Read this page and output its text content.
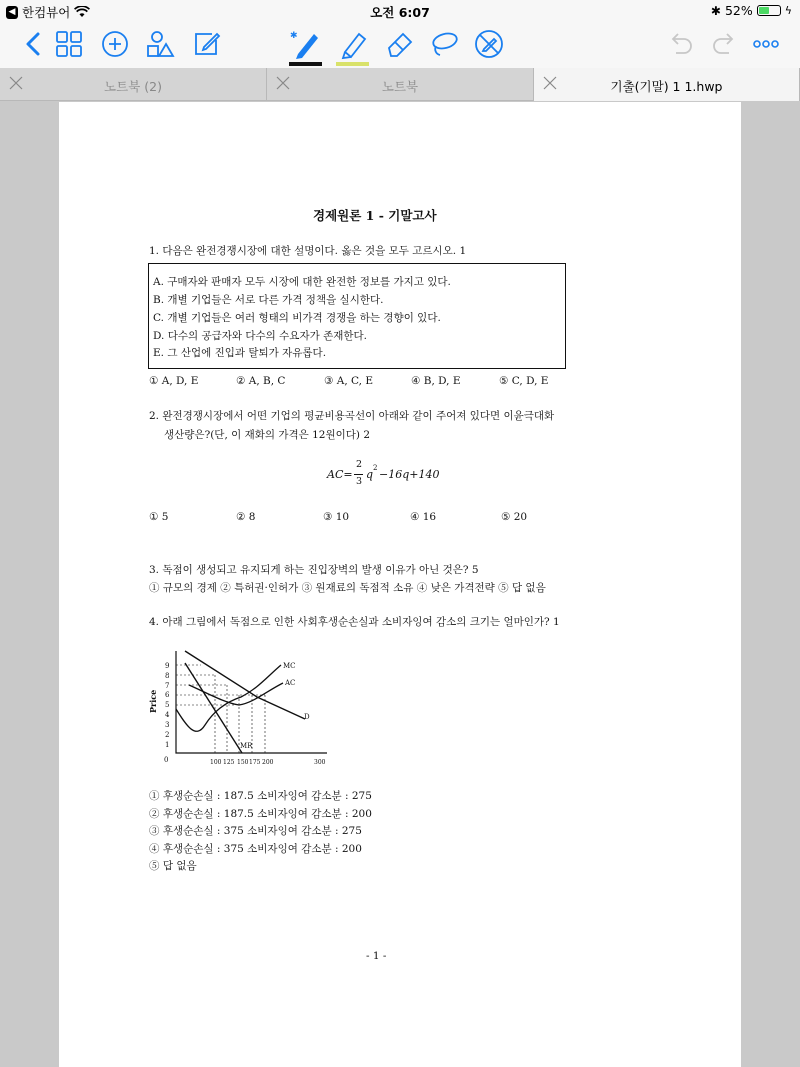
◀ 한컴뷰어	오전 6:07	✱ 52%	ϟ
✱
노트북 (2)	노트북	기출(기말) 1 1.hwp
경제원론 1 - 기말고사
1. 다음은 완전경쟁시장에 대한 설명이다. 옳은 것을 모두 고르시오. 1
A. 구매자와 판매자 모두 시장에 대한 완전한 정보를 가지고 있다.
B. 개별 기업들은 서로 다른 가격 정책을 실시한다.
C. 개별 기업들은 여러 형태의 비가격 경쟁을 하는 경향이 있다.
D. 다수의 공급자와 다수의 수요자가 존재한다.
E. 그 산업에 진입과 탈퇴가 자유롭다.
① A, D, E	② A, B, C	③ A, C, E	④ B, D, E	⑤ C, D, E
2. 완전경쟁시장에서 어떤 기업의 평균비용곡선이 아래와 같이 주어져 있다면 이윤극대화
생산량은?(단, 이 재화의 가격은 12원이다) 2
AC=
2
3
q 2 −16q+140
① 5	② 8	③ 10	④ 16	⑤ 20
3. 독점이 생성되고 유지되게 하는 진입장벽의 발생 이유가 아닌 것은? 5
① 규모의 경제 ② 특허권·인허가 ③ 원재료의 독점적 소유 ④ 낮은 가격전략 ⑤ 답 없음
4. 아래 그림에서 독점으로 인한 사회후생순손실과 소비자잉여 감소의 크기는 얼마인가? 1
Price
9
8
7
6
5
4
3
2
1
0	100 125 150 175 200	300
MC
AC
D
MR
① 후생순손실 : 187.5 소비자잉여 감소분 : 275
② 후생순손실 : 187.5 소비자잉여 감소분 : 200
③ 후생순손실 : 375 소비자잉여 감소분 : 275
④ 후생순손실 : 375 소비자잉여 감소분 : 200
⑤ 답 없음
- 1 -
